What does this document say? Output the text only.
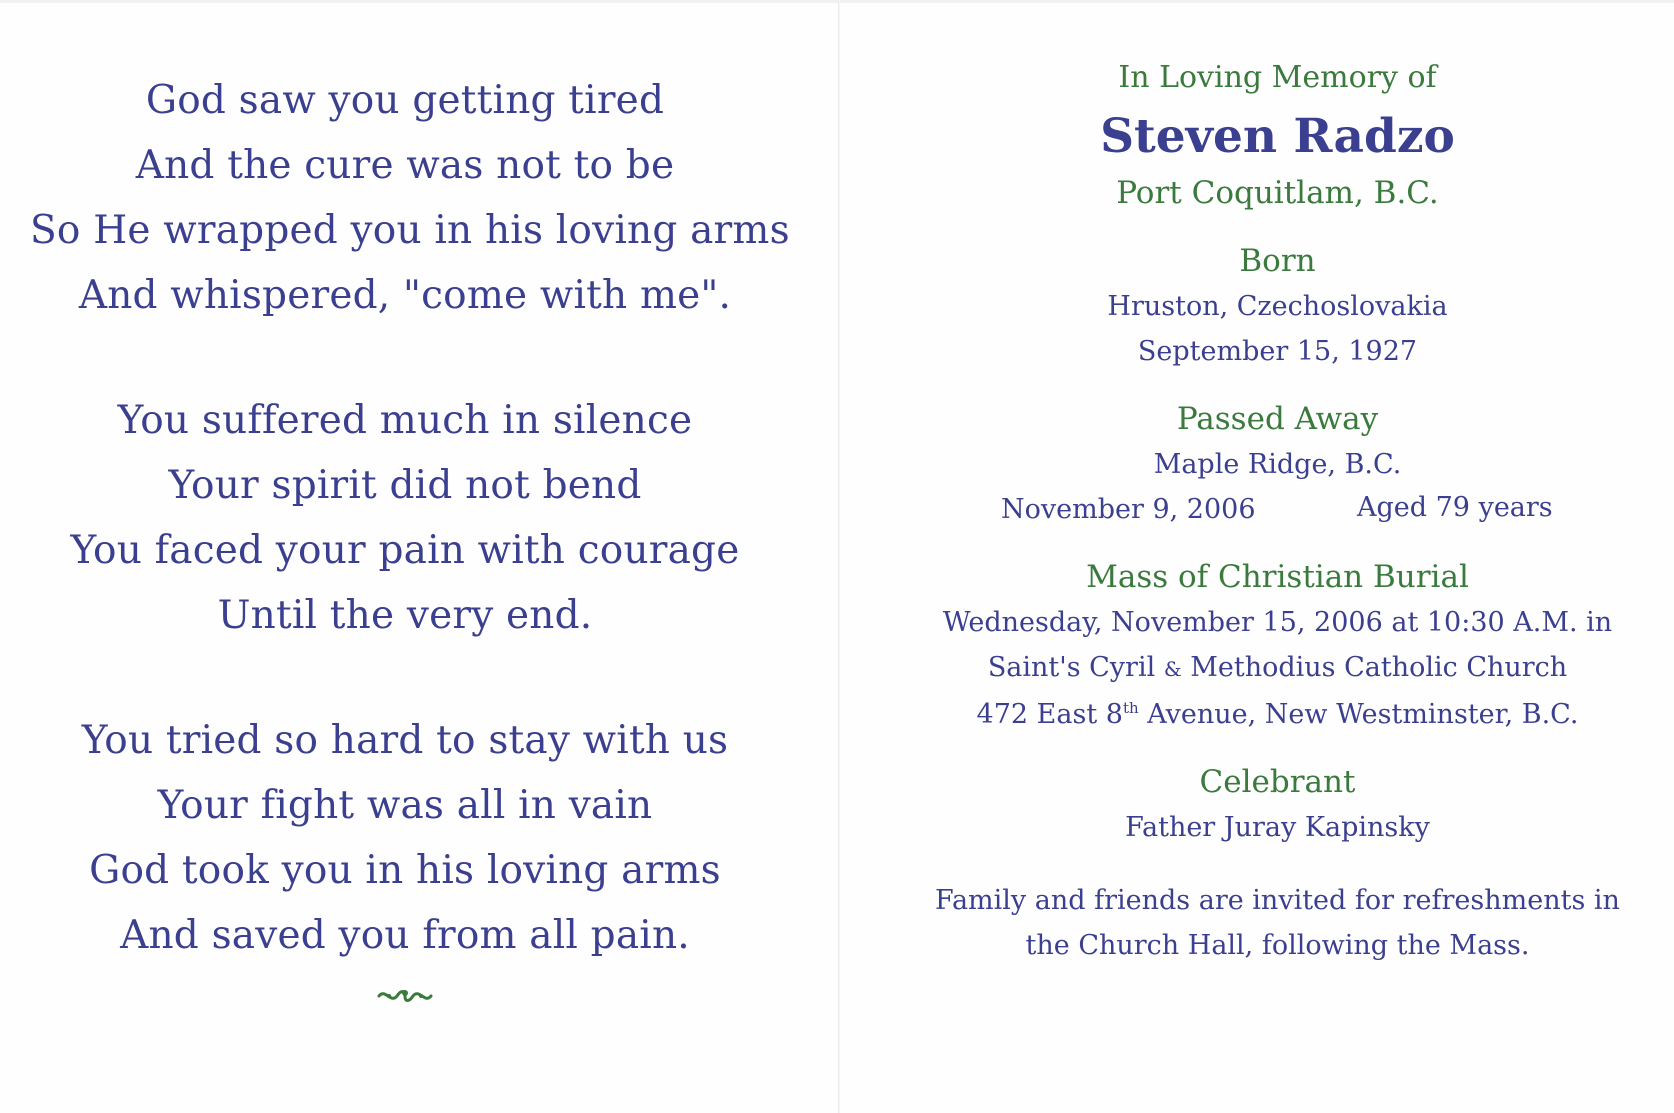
God saw you getting tired
And the cure was not to be
So He wrapped you in his loving arms
And whispered, "come with me".
You suffered much in silence
Your spirit did not bend
You faced your pain with courage
Until the very end.
You tried so hard to stay with us
Your fight was all in vain
God took you in his loving arms
And saved you from all pain.
In Loving Memory of
Steven Radzo
Port Coquitlam, B.C.
Born
Hruston, Czechoslovakia
September 15, 1927
Passed Away
Maple Ridge, B.C.
November 9, 2006	Aged 79 years
Mass of Christian Burial
Wednesday, November 15, 2006 at 10:30 A.M. in
Saint's Cyril & Methodius Catholic Church
472 East 8th Avenue, New Westminster, B.C.
Celebrant
Father Juray Kapinsky
Family and friends are invited for refreshments in
the Church Hall, following the Mass.
